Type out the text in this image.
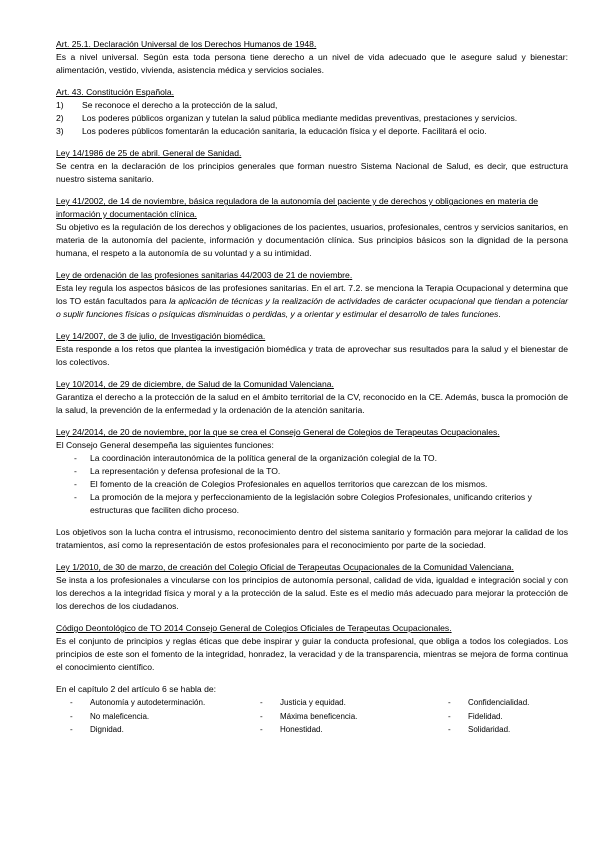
Art. 25.1. Declaración Universal de los Derechos Humanos de 1948.
Es a nivel universal. Según esta toda persona tiene derecho a un nivel de vida adecuado que le asegure salud y bienestar: alimentación, vestido, vivienda, asistencia médica y servicios sociales.
Art. 43. Constitución Española.
1) Se reconoce el derecho a la protección de la salud,
2) Los poderes públicos organizan y tutelan la salud pública mediante medidas preventivas, prestaciones y servicios.
3) Los poderes públicos fomentarán la educación sanitaria, la educación física y el deporte. Facilitará el ocio.
Ley 14/1986 de 25 de abril. General de Sanidad.
Se centra en la declaración de los principios generales que forman nuestro Sistema Nacional de Salud, es decir, que estructura nuestro sistema sanitario.
Ley 41/2002, de 14 de noviembre, básica reguladora de la autonomía del paciente y de derechos y obligaciones en materia de información y documentación clínica.
Su objetivo es la regulación de los derechos y obligaciones de los pacientes, usuarios, profesionales, centros y servicios sanitarios, en materia de la autonomía del paciente, información y documentación clínica. Sus principios básicos son la dignidad de la persona humana, el respeto a la autonomía de su voluntad y a su intimidad.
Ley de ordenación de las profesiones sanitarias 44/2003 de 21 de noviembre.
Esta ley regula los aspectos básicos de las profesiones sanitarias. En el art. 7.2. se menciona la Terapia Ocupacional y determina que los TO están facultados para la aplicación de técnicas y la realización de actividades de carácter ocupacional que tiendan a potenciar o suplir funciones físicas o psíquicas disminuidas o perdidas, y a orientar y estimular el desarrollo de tales funciones.
Ley 14/2007, de 3 de julio, de Investigación biomédica.
Esta responde a los retos que plantea la investigación biomédica y trata de aprovechar sus resultados para la salud y el bienestar de los colectivos.
Ley 10/2014, de 29 de diciembre, de Salud de la Comunidad Valenciana.
Garantiza el derecho a la protección de la salud en el ámbito territorial de la CV, reconocido en la CE. Además, busca la promoción de la salud, la prevención de la enfermedad y la ordenación de la atención sanitaria.
Ley 24/2014, de 20 de noviembre, por la que se crea el Consejo General de Colegios de Terapeutas Ocupacionales.
El Consejo General desempeña las siguientes funciones:
- La coordinación interautonómica de la política general de la organización colegial de la TO.
- La representación y defensa profesional de la TO.
- El fomento de la creación de Colegios Profesionales en aquellos territorios que carezcan de los mismos.
- La promoción de la mejora y perfeccionamiento de la legislación sobre Colegios Profesionales, unificando criterios y estructuras que faciliten dicho proceso.
Los objetivos son la lucha contra el intrusismo, reconocimiento dentro del sistema sanitario y formación para mejorar la calidad de los tratamientos, así como la representación de estos profesionales para el reconocimiento por parte de la sociedad.
Ley 1/2010, de 30 de marzo, de creación del Colegio Oficial de Terapeutas Ocupacionales de la Comunidad Valenciana.
Se insta a los profesionales a vincularse con los principios de autonomía personal, calidad de vida, igualdad e integración social y con los derechos a la integridad física y moral y a la protección de la salud. Este es el medio más adecuado para mejorar la protección de los derechos de los ciudadanos.
Código Deontológico de TO 2014 Consejo General de Colegios Oficiales de Terapeutas Ocupacionales.
Es el conjunto de principios y reglas éticas que debe inspirar y guiar la conducta profesional, que obliga a todos los colegiados. Los principios de este son el fomento de la integridad, honradez, la veracidad y de la transparencia, mientras se mejora de forma continua el conocimiento científico.
En el capítulo 2 del artículo 6 se habla de:
- Autonomía y autodeterminación.
- No maleficencia.
- Dignidad.
- Justicia y equidad.
- Máxima beneficencia.
- Honestidad.
- Confidencialidad.
- Fidelidad.
- Solidaridad.
